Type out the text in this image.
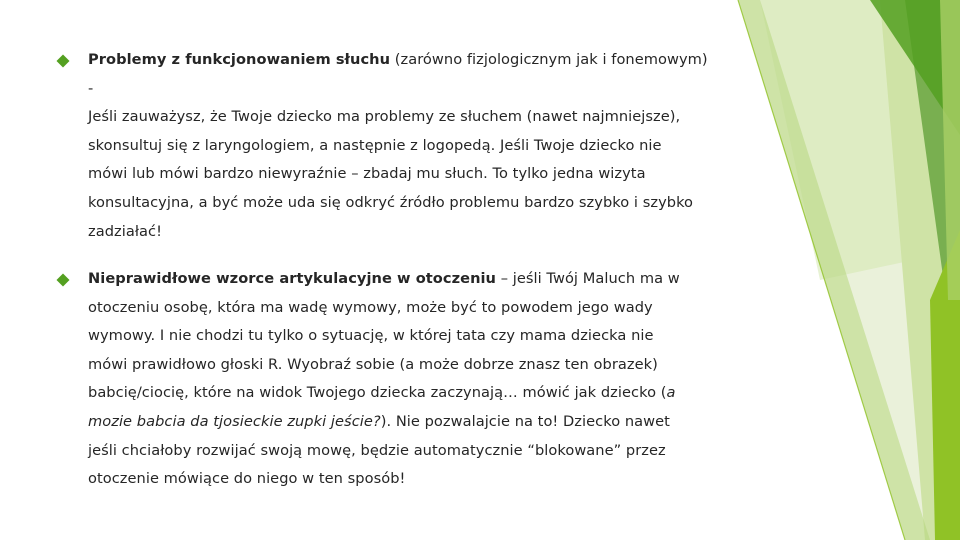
Problemy z funkcjonowaniem słuchu (zarówno fizjologicznym jak i fonemowym) -
Jeśli zauważysz, że Twoje dziecko ma problemy ze słuchem (nawet najmniejsze),
skonsultuj się z laryngologiem, a następnie z logopedą. Jeśli Twoje dziecko nie
mówi lub mówi bardzo niewyraźnie – zbadaj mu słuch. To tylko jedna wizyta
konsultacyjna, a być może uda się odkryć źródło problemu bardzo szybko i szybko
zadziałać!
Nieprawidłowe wzorce artykulacyjne w otoczeniu – jeśli Twój Maluch ma w
otoczeniu osobę, która ma wadę wymowy, może być to powodem jego wady
wymowy. I nie chodzi tu tylko o sytuację, w której tata czy mama dziecka nie
mówi prawidłowo głoski R. Wyobraź sobie (a może dobrze znasz ten obrazek)
babcię/ciocię, które na widok Twojego dziecka zaczynają… mówić jak dziecko (a
mozie babcia da tjosieckie zupki jeście?). Nie pozwalajcie na to! Dziecko nawet
jeśli chciałoby rozwijać swoją mowę, będzie automatycznie “blokowane” przez
otoczenie mówiące do niego w ten sposób!
